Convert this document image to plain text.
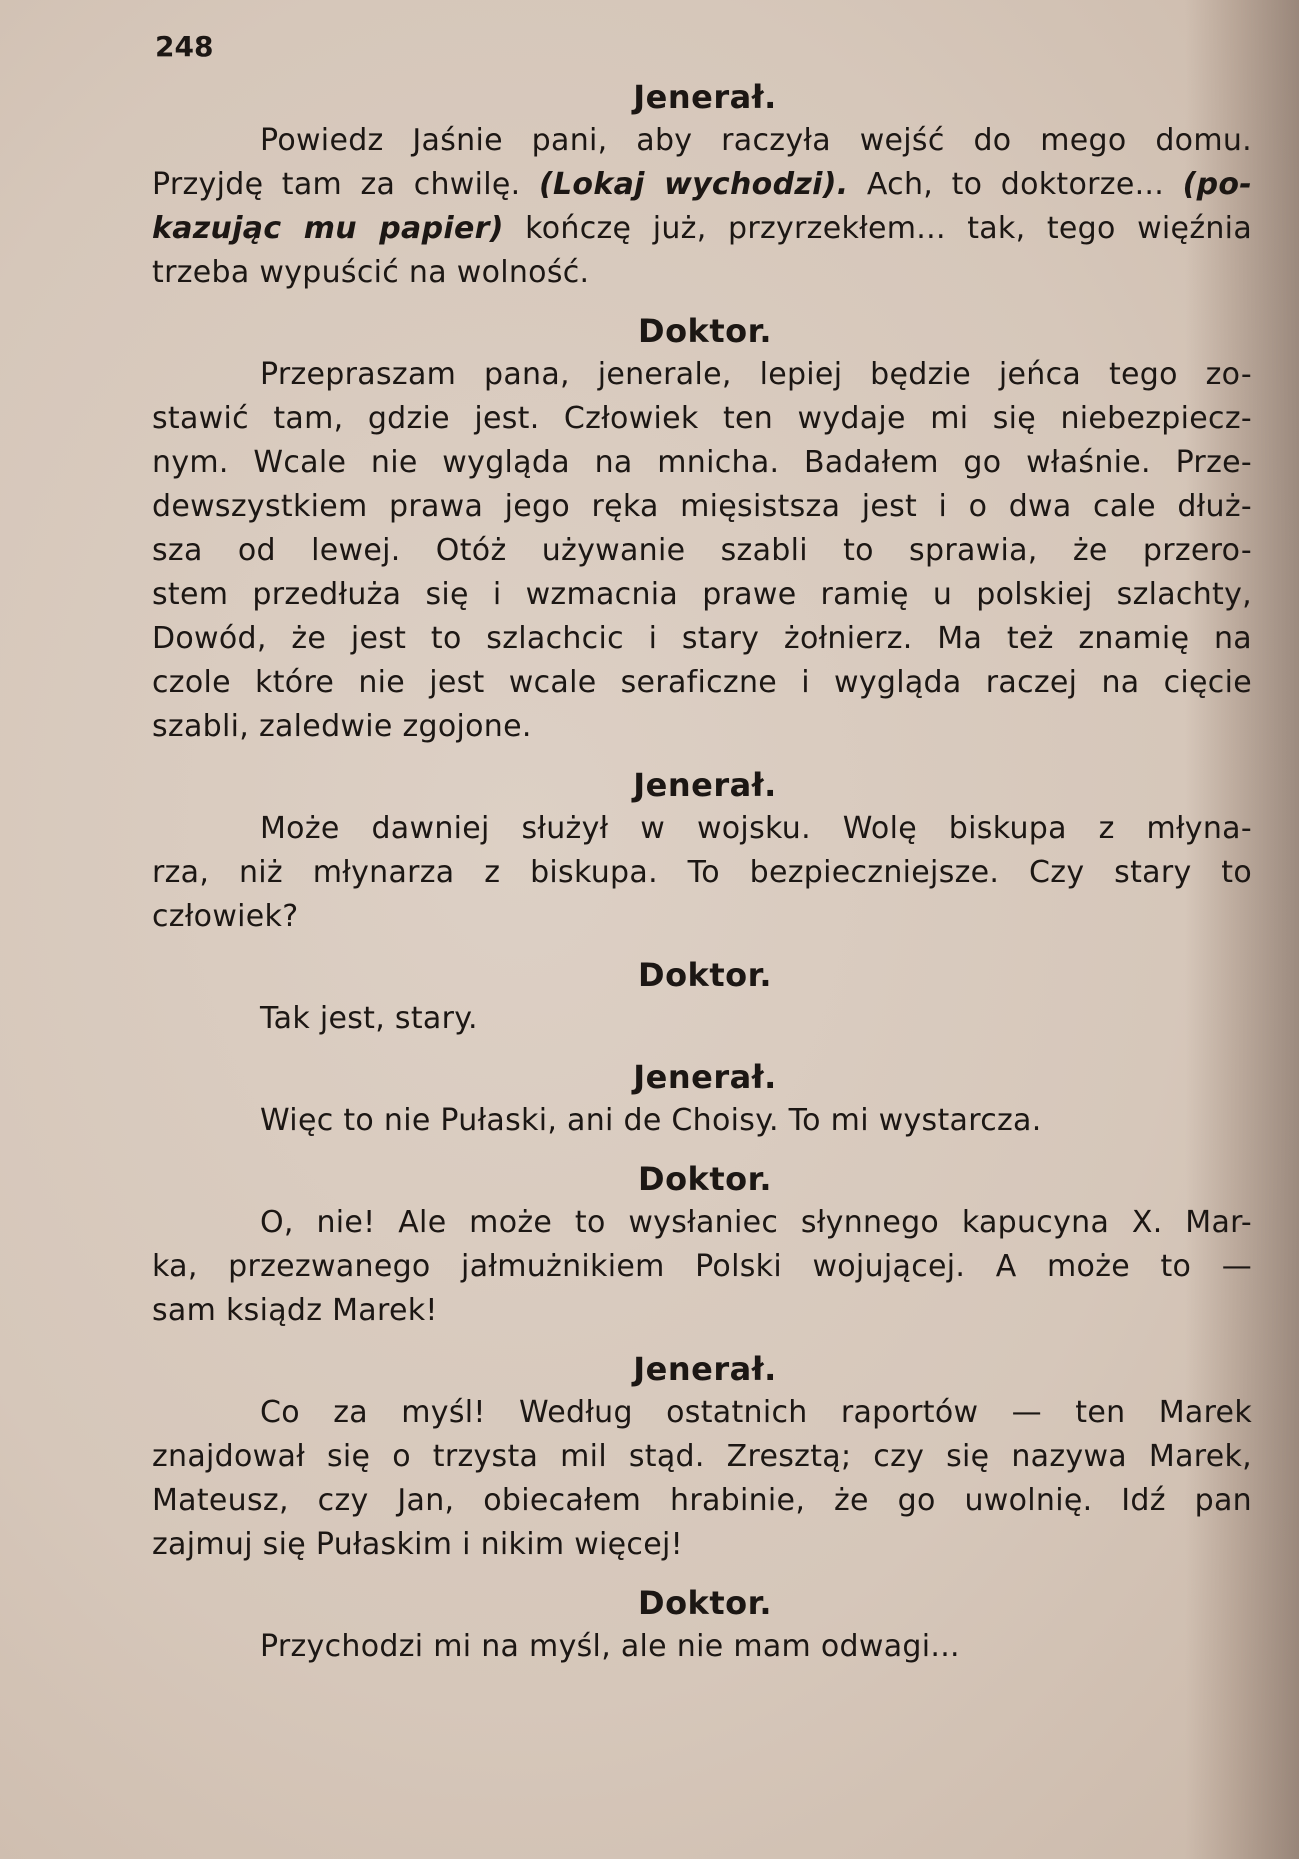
248
Jenerał.
Powiedz Jaśnie pani, aby raczyła wejść do mego domu.
Przyjdę tam za chwilę. (Lokaj wychodzi). Ach, to doktorze... (po-
kazując mu papier) kończę już, przyrzekłem... tak, tego więźnia
trzeba wypuścić na wolność.
Doktor.
Przepraszam pana, jenerale, lepiej będzie jeńca tego zo-
stawić tam, gdzie jest. Człowiek ten wydaje mi się niebezpiecz-
nym. Wcale nie wygląda na mnicha. Badałem go właśnie. Prze-
dewszystkiem prawa jego ręka mięsistsza jest i o dwa cale dłuż-
sza od lewej. Otóż używanie szabli to sprawia, że przero-
stem przedłuża się i wzmacnia prawe ramię u polskiej szlachty,
Dowód, że jest to szlachcic i stary żołnierz. Ma też znamię na
czole które nie jest wcale seraficzne i wygląda raczej na cięcie
szabli, zaledwie zgojone.
Jenerał.
Może dawniej służył w wojsku. Wolę biskupa z młyna-
rza, niż młynarza z biskupa. To bezpieczniejsze. Czy stary to
człowiek?
Doktor.
Tak jest, stary.
Jenerał.
Więc to nie Pułaski, ani de Choisy. To mi wystarcza.
Doktor.
O, nie! Ale może to wysłaniec słynnego kapucyna X. Mar-
ka, przezwanego jałmużnikiem Polski wojującej. A może to —
sam ksiądz Marek!
Jenerał.
Co za myśl! Według ostatnich raportów — ten Marek
znajdował się o trzysta mil stąd. Zresztą; czy się nazywa Marek,
Mateusz, czy Jan, obiecałem hrabinie, że go uwolnię. Idź pan
zajmuj się Pułaskim i nikim więcej!
Doktor.
Przychodzi mi na myśl, ale nie mam odwagi...
